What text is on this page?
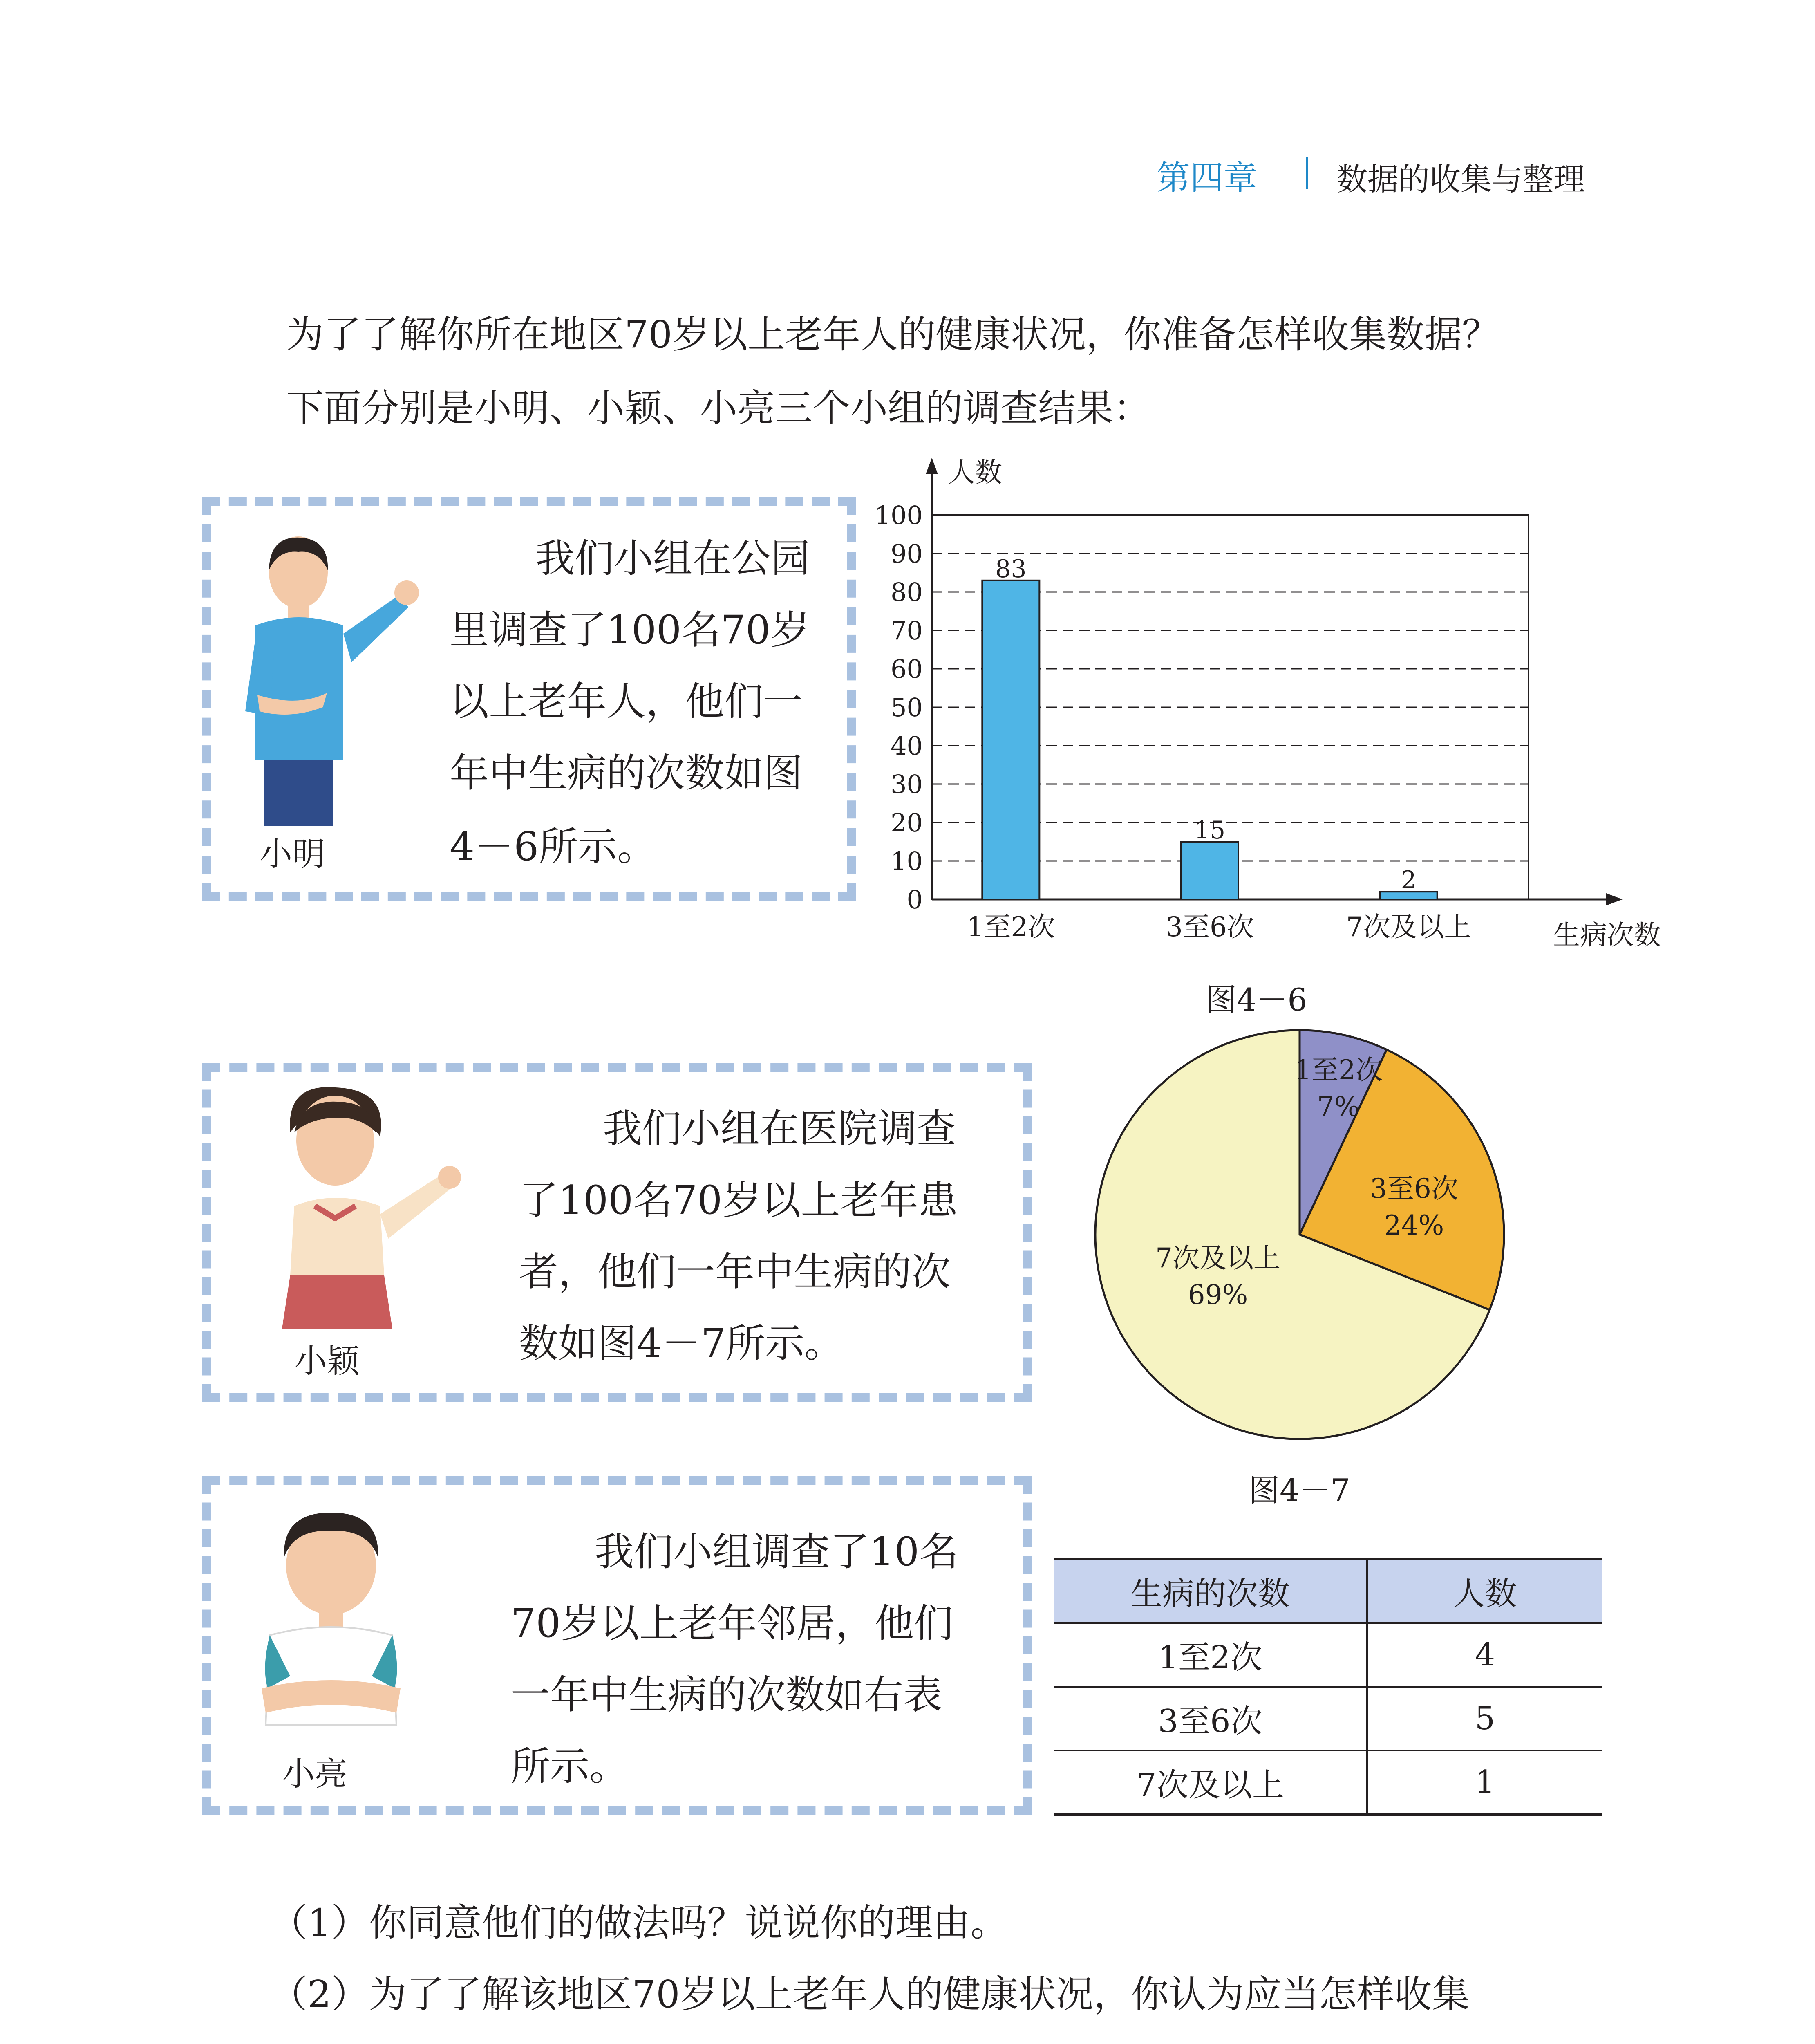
第四章	数据的收集与整理
为了了解你所在地区70岁以上老年人的健康状况，你准备怎样收集数据？
下面分别是小明、小颖、小亮三个小组的调查结果：
小明
我们小组在公园
里调查了100名70岁
以上老年人，他们一
年中生病的次数如图
4－6所示。
0
10
20
30
40
50
60
70
80
90
100
人数
生病次数
83
1至2次
15
3至6次
2
7次及以上
图4－6
小颖
我们小组在医院调查
了100名70岁以上老年患
者，他们一年中生病的次
数如图4－7所示。
1至2次
7%
3至6次
24%
7次及以上
69%
图4－7
小亮
我们小组调查了10名
70岁以上老年邻居，他们
一年中生病的次数如右表
所示。
生病的次数	人数
1至2次	4
3至6次	5
7次及以上	1
（1）你同意他们的做法吗？说说你的理由。
（2）为了了解该地区70岁以上老年人的健康状况，你认为应当怎样收集
